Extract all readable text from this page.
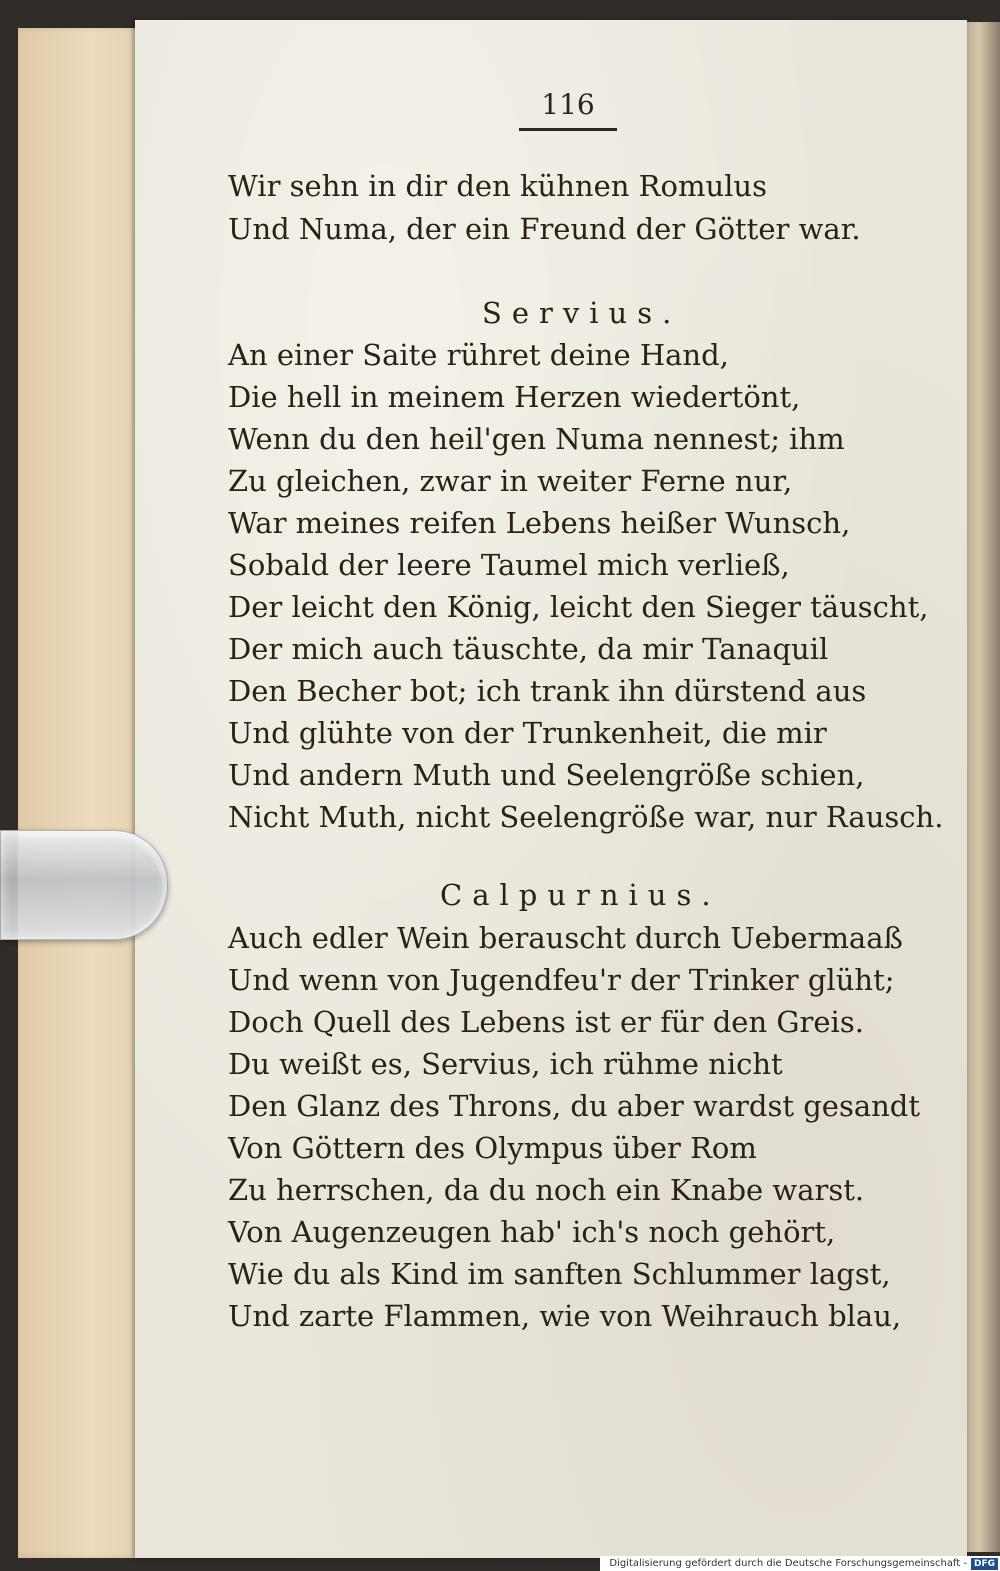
116
Wir sehn in dir den kühnen Romulus
Und Numa, der ein Freund der Götter war.
Servius.
An einer Saite rühret deine Hand,
Die hell in meinem Herzen wiedertönt,
Wenn du den heil'gen Numa nennest; ihm
Zu gleichen, zwar in weiter Ferne nur,
War meines reifen Lebens heißer Wunsch,
Sobald der leere Taumel mich verließ,
Der leicht den König, leicht den Sieger täuscht,
Der mich auch täuschte, da mir Tanaquil
Den Becher bot; ich trank ihn dürstend aus
Und glühte von der Trunkenheit, die mir
Und andern Muth und Seelengröße schien,
Nicht Muth, nicht Seelengröße war, nur Rausch.
Calpurnius.
Auch edler Wein berauscht durch Uebermaaß
Und wenn von Jugendfeu'r der Trinker glüht;
Doch Quell des Lebens ist er für den Greis.
Du weißt es, Servius, ich rühme nicht
Den Glanz des Throns, du aber wardst gesandt
Von Göttern des Olympus über Rom
Zu herrschen, da du noch ein Knabe warst.
Von Augenzeugen hab' ich's noch gehört,
Wie du als Kind im sanften Schlummer lagst,
Und zarte Flammen, wie von Weihrauch blau,
Digitalisierung gefördert durch die Deutsche Forschungsgemeinschaft - DFG
